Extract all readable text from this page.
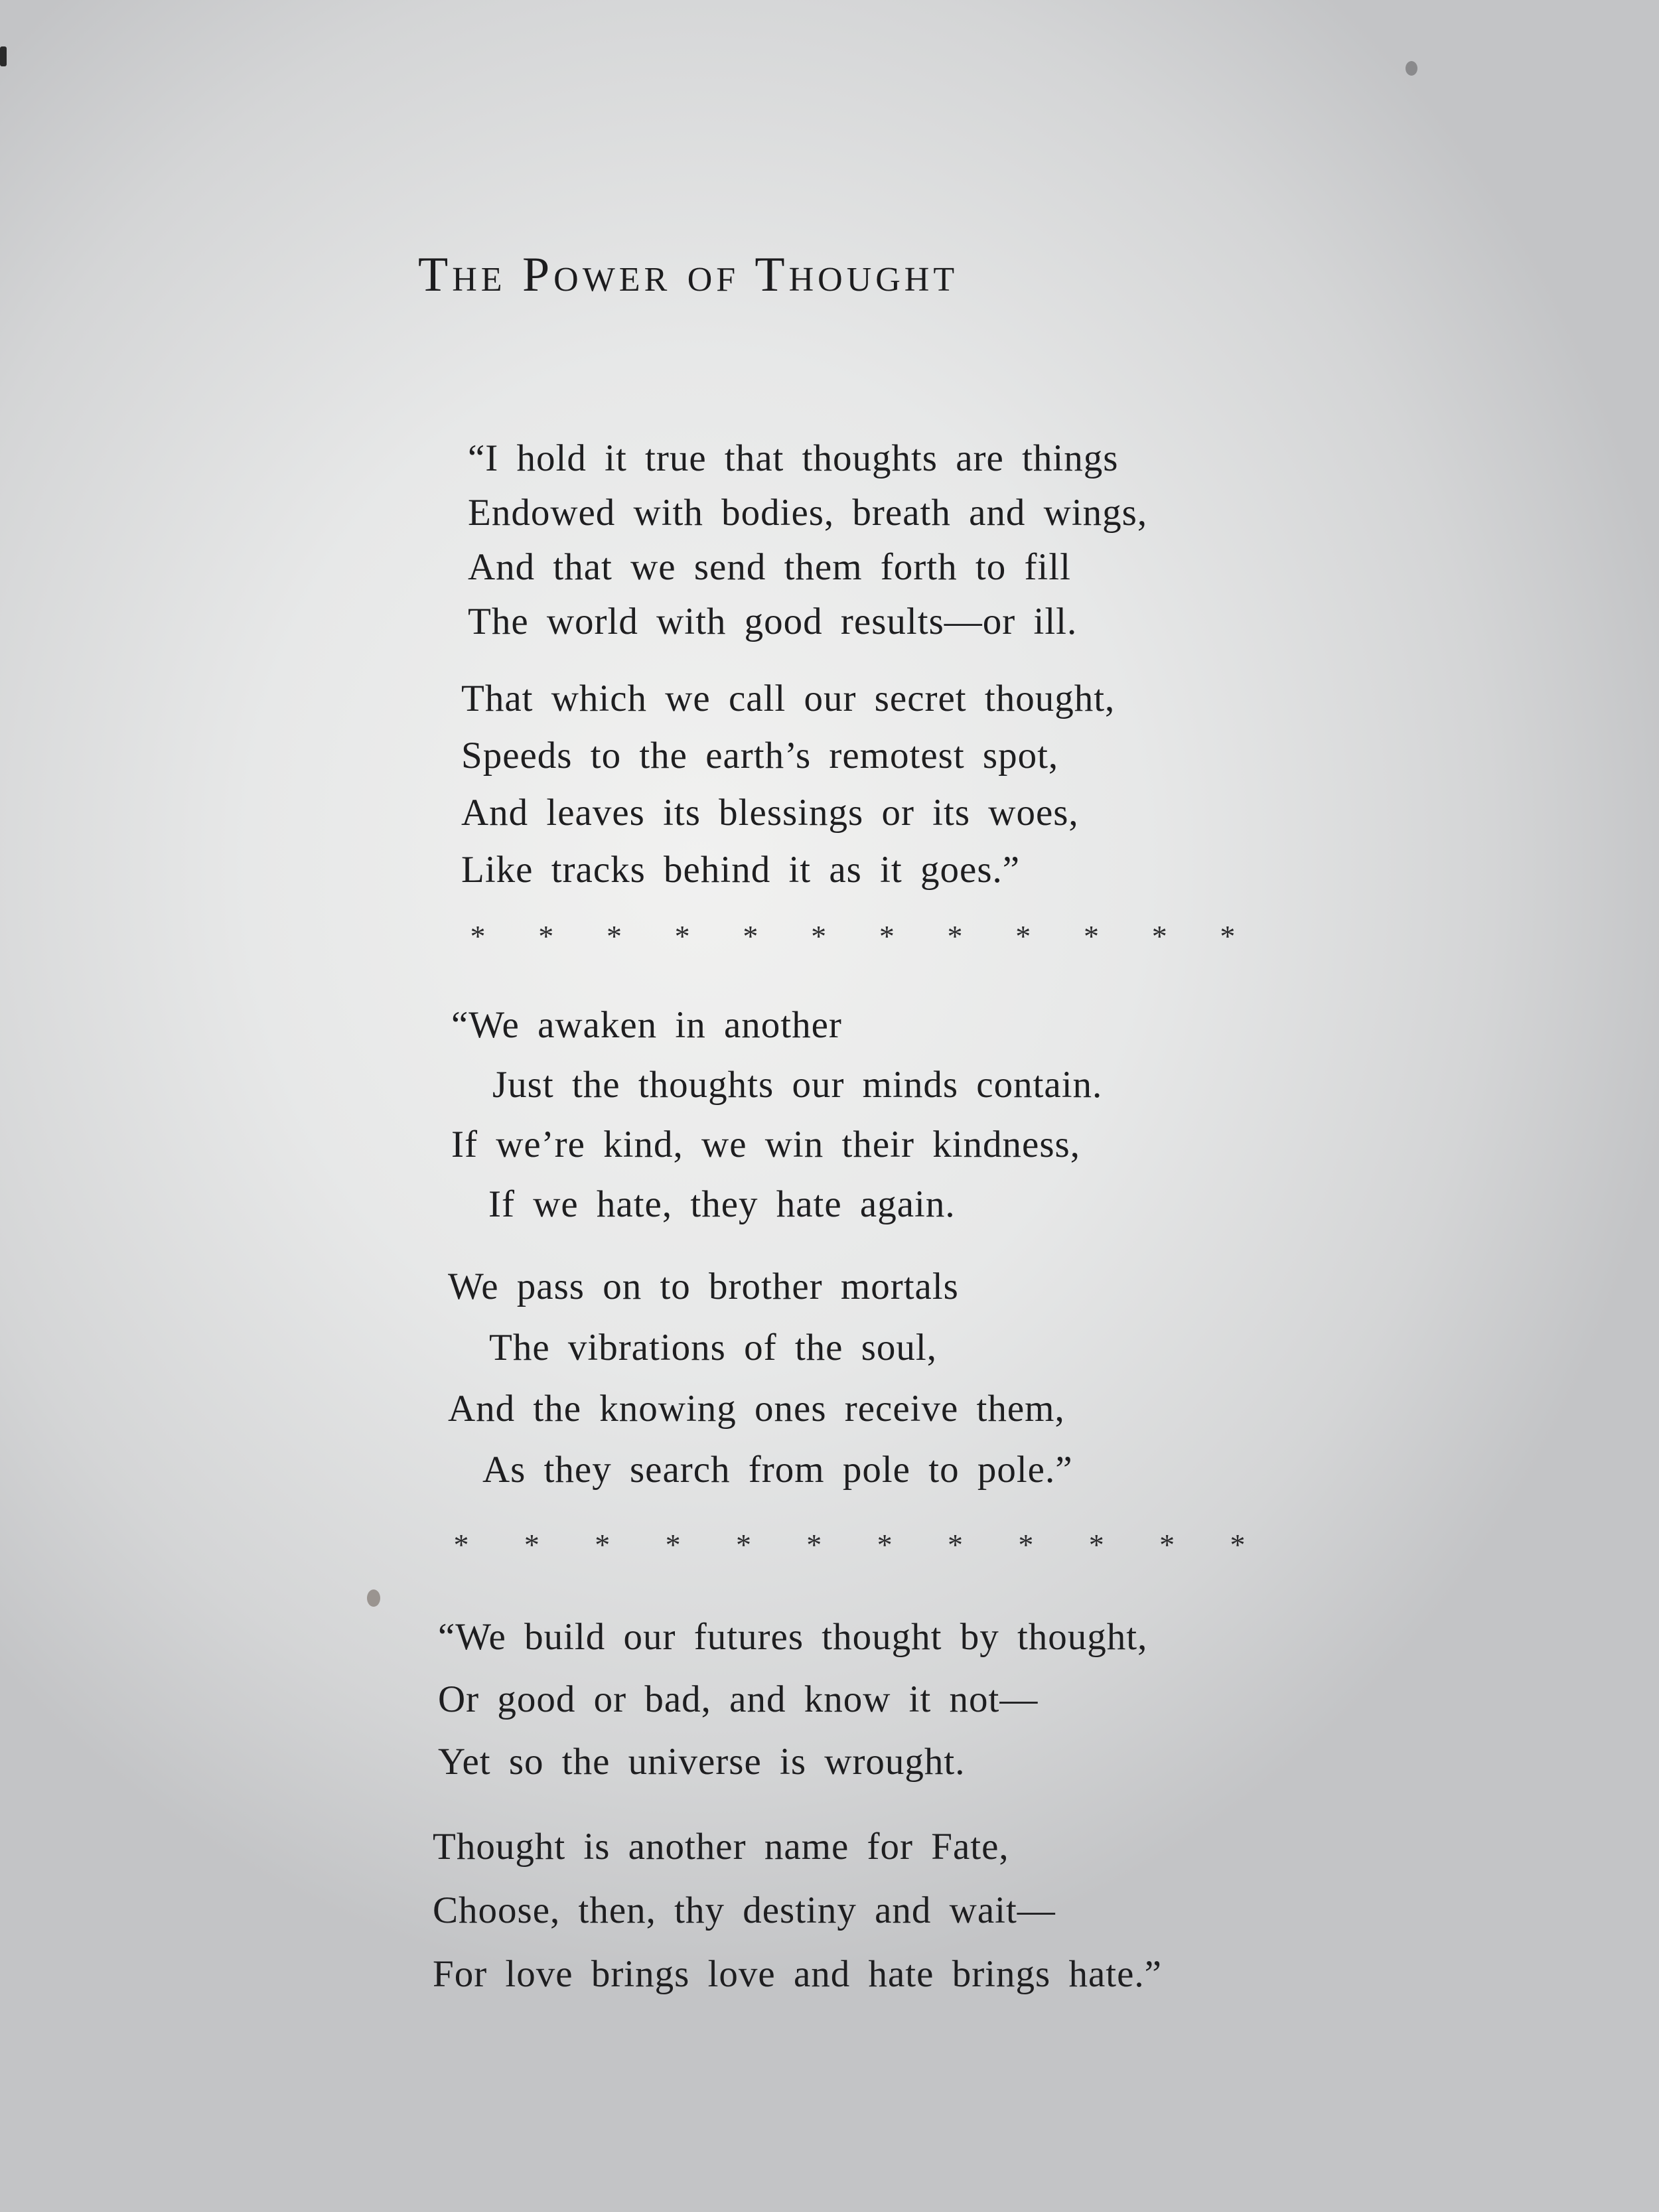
The Power of Thought
“I hold it true that thoughts are things
Endowed with bodies, breath and wings,
And that we send them forth to fill
The world with good results—or ill.
That which we call our secret thought,
Speeds to the earth’s remotest spot,
And leaves its blessings or its woes,
Like tracks behind it as it goes.”
* * * * * * * * * * * *
“We awaken in another
Just the thoughts our minds contain.
If we’re kind, we win their kindness,
If we hate, they hate again.
We pass on to brother mortals
The vibrations of the soul,
And the knowing ones receive them,
As they search from pole to pole.”
* * * * * * * * * * * *
“We build our futures thought by thought,
Or good or bad, and know it not—
Yet so the universe is wrought.
Thought is another name for Fate,
Choose, then, thy destiny and wait—
For love brings love and hate brings hate.”
